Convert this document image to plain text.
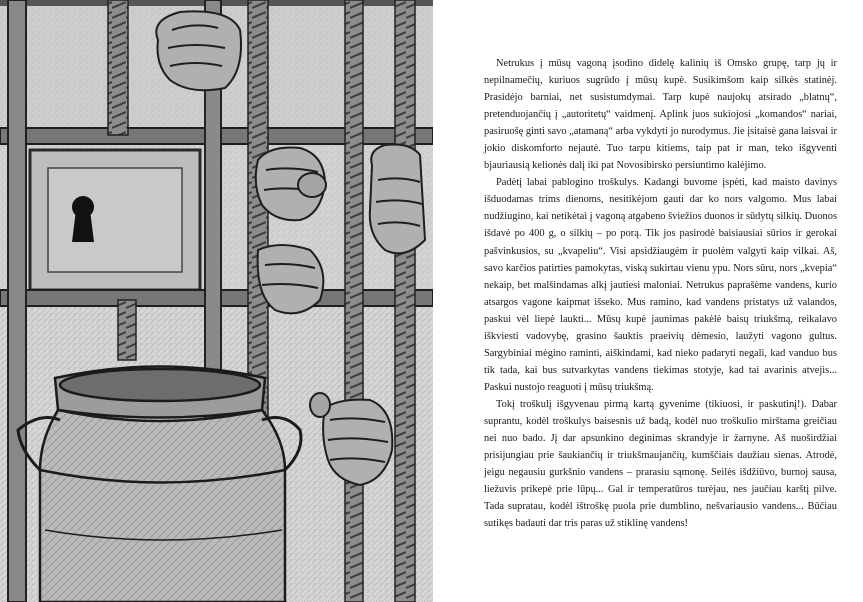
Netrukus į mūsų vagoną įsodino didelę kalinių iš Omsko grupę, tarp jų ir nepilnamečių, kuriuos sugrūdo į mūsų kupė. Susikimšom kaip silkės statinėj. Prasidėjo barniai, net susistumdymai. Tarp kupė naujokų atsirado „blatnų“, pretenduojančių į „autoritetų“ vaidmenį. Aplink juos sukiojosi „komandos“ nariai, pasiruošę ginti savo „atamaną“ arba vykdyti jo nurodymus. Jie įsitaisė gana laisvai ir jokio diskomforto nejautė. Tuo tarpu kitiems, taip pat ir man, teko išgyventi bjauriausią kelionės dalį iki pat Novosibirsko persiuntimo kalėjimo.

Padėtį labai pablogino troškulys. Kadangi buvome įspėti, kad maisto davinys išduodamas trims dienoms, nesitikėjom gauti dar ko nors valgomo. Mus labai nudžiugino, kai netikėtai į vagoną atgabeno šviežios duonos ir sūdytų silkių. Duonos išdavė po 400 g, o silkių – po porą. Tik jos pasirodė baisiausiai sūrios ir gerokai pašvinkusios, su „kvapeliu“. Visi apsidžiaugėm ir puolėm valgyti kaip vilkai. Aš, savo karčios patirties pamokytas, viską sukirtau vienu ypu. Nors sūru, nors „kvepia“ nekaip, bet malšindamas alkį jautiesi maloniai. Netrukus paprašėme vandens, kurio atsargos vagone kaipmat išseko. Mus ramino, kad vandens pristatys už valandos, paskui vėl liepė laukti... Mūsų kupė jaunimas pakėlė baisų triukšmą, reikalavo iškviesti vadovybę, grasino šauktis praeivių dėmesio, laužyti vagono gultus. Sargybiniai mėgino raminti, aiškindami, kad nieko padaryti negali, kad vanduo bus tik tada, kai bus sutvarkytas vandens tiekimas stotyje, kad tai avarinis atvejis... Paskui nustojo reaguoti į mūsų triukšmą.

Tokį troškulį išgyvenau pirmą kartą gyvenime (tikiuosi, ir paskutinį!). Dabar suprantu, kodėl troškulys baisesnis už badą, kodėl nuo troškulio mirštama greičiau nei nuo bado. Jį dar apsunkino deginimas skrandyje ir žarnyne. Aš nuoširdžiai prisijungiau prie šaukiančių ir triukšmaujančių, kumščiais daužiau sienas. Atrodė, jeigu negausiu gurkšnio vandens – prarasiu sąmonę. Seilės išdžiūvo, burnoj sausa, liežuvis prikepė prie lūpų... Gal ir temperatūros turėjau, nes jaučiau karštį pilve. Tada supratau, kodėl ištroškę puola prie dumblino, nešvariausio vandens... Būčiau sutikęs badauti dar tris paras už stiklinę vandens!
